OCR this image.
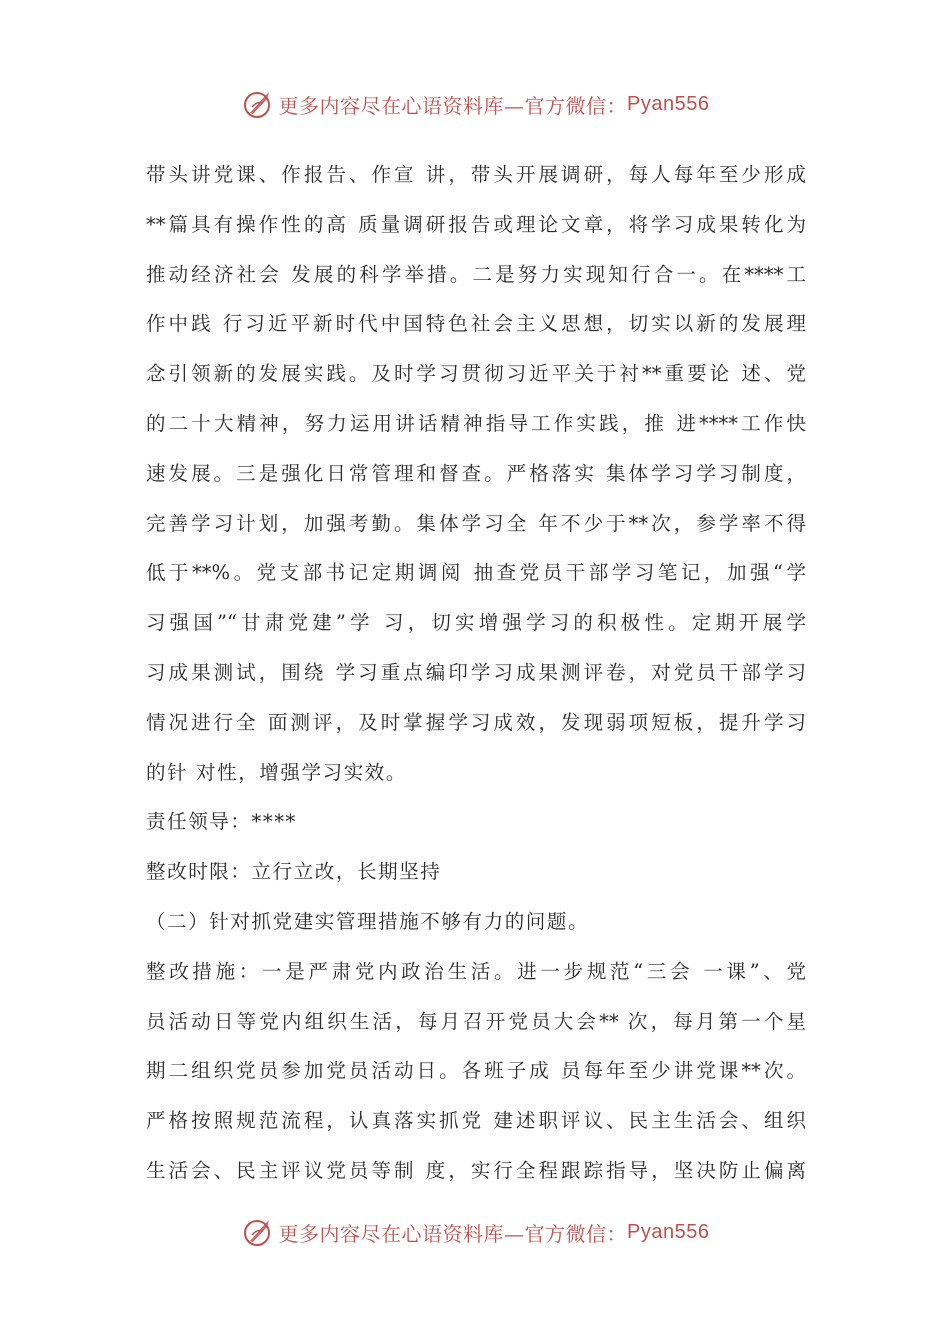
更多内容尽在心语资料库—官方微信： Pyan556
带头讲党课、作报告、作宣 讲，带头开展调研，每人每年至少形成
**篇具有操作性的高 质量调研报告或理论文章，将学习成果转化为
推动经济社会 发展的科学举措。二是努力实现知行合一。在****工
作中践 行习近平新时代中国特色社会主义思想，切实以新的发展理
念引领新的发展实践。及时学习贯彻习近平关于衬**重要论 述、党
的二十大精神，努力运用讲话精神指导工作实践，推 进****工作快
速发展。三是强化日常管理和督查。严格落实 集体学习学习制度，
完善学习计划，加强考勤。集体学习全 年不少于**次，参学率不得
低于**%。党支部书记定期调阅 抽查党员干部学习笔记，加强“学
习强国”“甘肃党建”学 习，切实增强学习的积极性。定期开展学
习成果测试，围绕 学习重点编印学习成果测评卷，对党员干部学习
情况进行全 面测评，及时掌握学习成效，发现弱项短板，提升学习
的针 对性，增强学习实效。
责任领导：****
整改时限：立行立改，长期坚持
（二）针对抓党建实管理措施不够有力的问题。
整改措施：一是严肃党内政治生活。进一步规范“三会 一课”、党
员活动日等党内组织生活，每月召开党员大会** 次，每月第一个星
期二组织党员参加党员活动日。各班子成 员每年至少讲党课**次。
严格按照规范流程，认真落实抓党 建述职评议、民主生活会、组织
生活会、民主评议党员等制 度，实行全程跟踪指导，坚决防止偏离
更多内容尽在心语资料库—官方微信： Pyan556
